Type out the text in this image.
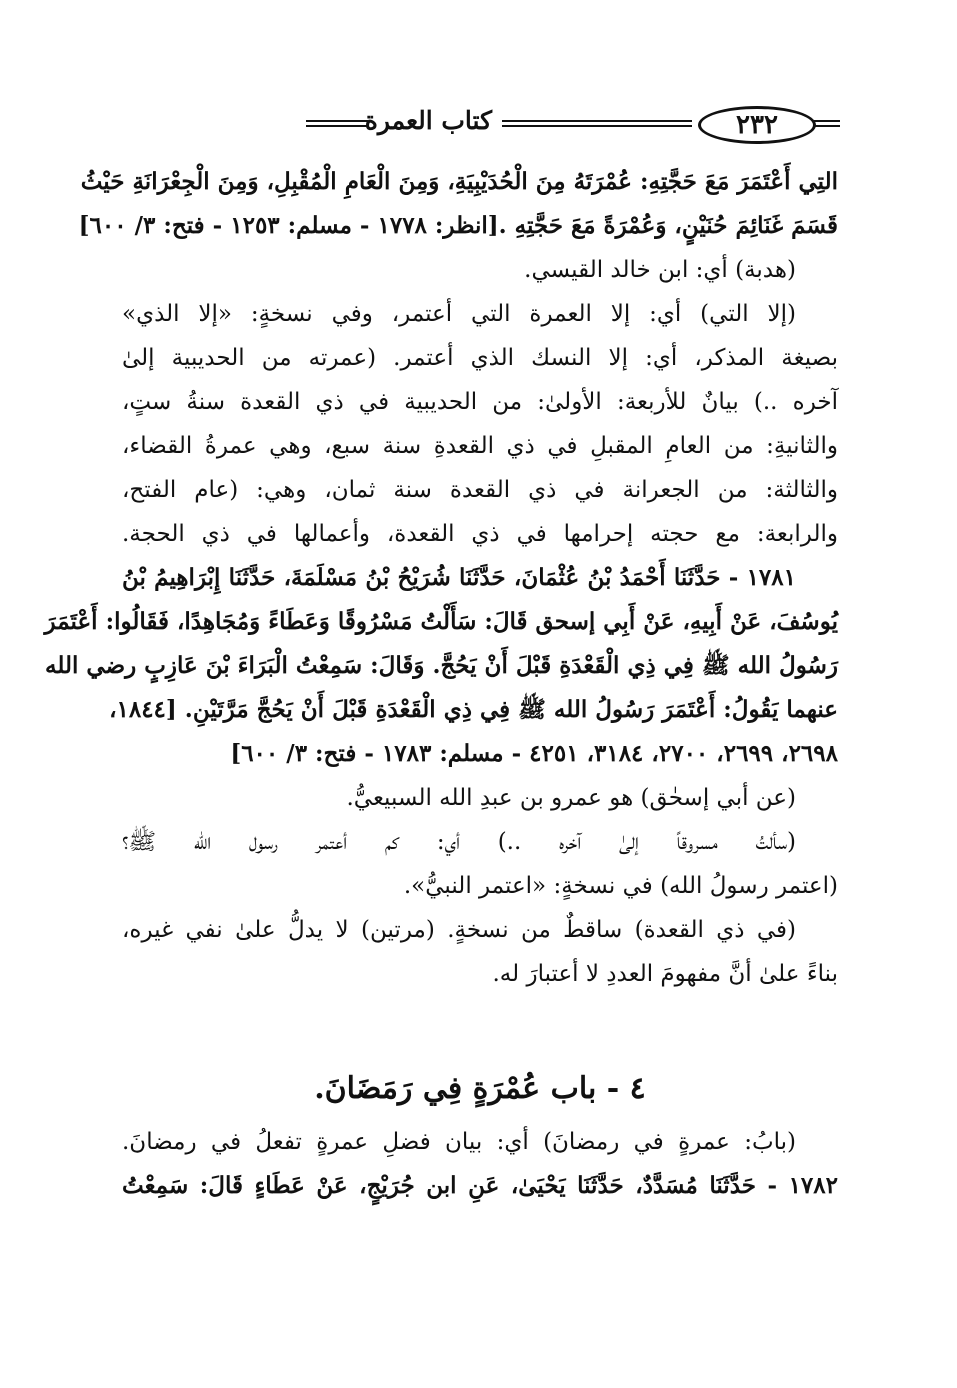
٢٣٢
كتاب العمرة
التِي أَعْتَمَرَ مَعَ حَجَّتِهِ: عُمْرَتَهُ مِنَ الْحُدَيْبِيَةِ، وَمِنَ الْعَامِ الْمُقْبِلِ، وَمِنَ الْجِعْرَانَةِ حَيْثُ
قَسَمَ غَنَائِمَ حُنَيْنٍ، وَعُمْرَةً مَعَ حَجَّتِهِ .[انظر: ١٧٧٨ - مسلم: ١٢٥٣ - فتح: ٣/ ٦٠٠]
(هدبة) أي: ابن خالد القيسي.
(إلا التي) أي: إلا العمرة التي أعتمر، وفي نسخةٍ: «إلا الذي»
بصيغة المذكر، أي: إلا النسك الذي أعتمر. (عمرته من الحديبية إلىٰ
آخره ..) بيانٌ للأربعة: الأولىٰ: من الحديبية في ذي القعدة سنةُ ستٍ،
والثانيةِ: من العامِ المقبلِ في ذي القعدةِ سنة سبع، وهي عمرةُ القضاء،
والثالثة: من الجعرانة في ذي القعدة سنة ثمان، وهي: (عام الفتح،
والرابعة: مع حجته إحرامها في ذي القعدة، وأعمالها في ذي الحجة.
١٧٨١ - حَدَّثَنَا أَحْمَدُ بْنُ عُثْمَانَ، حَدَّثَنَا شُرَيْحُ بْنُ مَسْلَمَةَ، حَدَّثَنَا إِبْرَاهِيمُ بْنُ
يُوسُفَ، عَنْ أَبِيهِ، عَنْ أَبِي إسحق قَالَ: سَأَلْتُ مَسْرُوقًا وَعَطَاءً وَمُجَاهِدًا، فَقَالُوا: أَعْتَمَرَ
رَسُولُ الله ﷺ فِي ذِي الْقَعْدَةِ قَبْلَ أَنْ يَحُجَّ. وَقَالَ: سَمِعْتُ الْبَرَاءَ بْنَ عَازِبٍ رضي الله
عنهما يَقُولُ: أَعْتَمَرَ رَسُولُ الله ﷺ فِي ذِي الْقَعْدَةِ قَبْلَ أَنْ يَحُجَّ مَرَّتَيْنِ. [١٨٤٤،
٢٦٩٨، ٢٦٩٩، ٢٧٠٠، ٣١٨٤، ٤٢٥١ - مسلم: ١٧٨٣ - فتح: ٣/ ٦٠٠]
(عن أبي إسحٰق) هو عمرو بن عبدِ الله السبيعيُّ.
(سألتُ مسروقاً إلىٰ آخره ..) أي: كم أعتمر رسول الله ﷺ؟
(اعتمر رسولُ الله) في نسخةٍ: «اعتمر النبيُّ».
(في ذي القعدة) ساقطٌ من نسخةٍ. (مرتين) لا يدلُّ علىٰ نفي غيره،
بناءً علىٰ أنَّ مفهومَ العددِ لا أعتبارَ له.
٤ - باب عُمْرَةٍ فِي رَمَضَانَ.
(بابُ: عمرةٍ في رمضانَ) أي: بيان فضلِ عمرةٍ تفعلُ في رمضانَ.
١٧٨٢ - حَدَّثَنَا مُسَدَّدٌ، حَدَّثَنَا يَحْيَىٰ، عَنِ ابن جُرَيْجٍ، عَنْ عَطَاءٍ قَالَ: سَمِعْتُ
